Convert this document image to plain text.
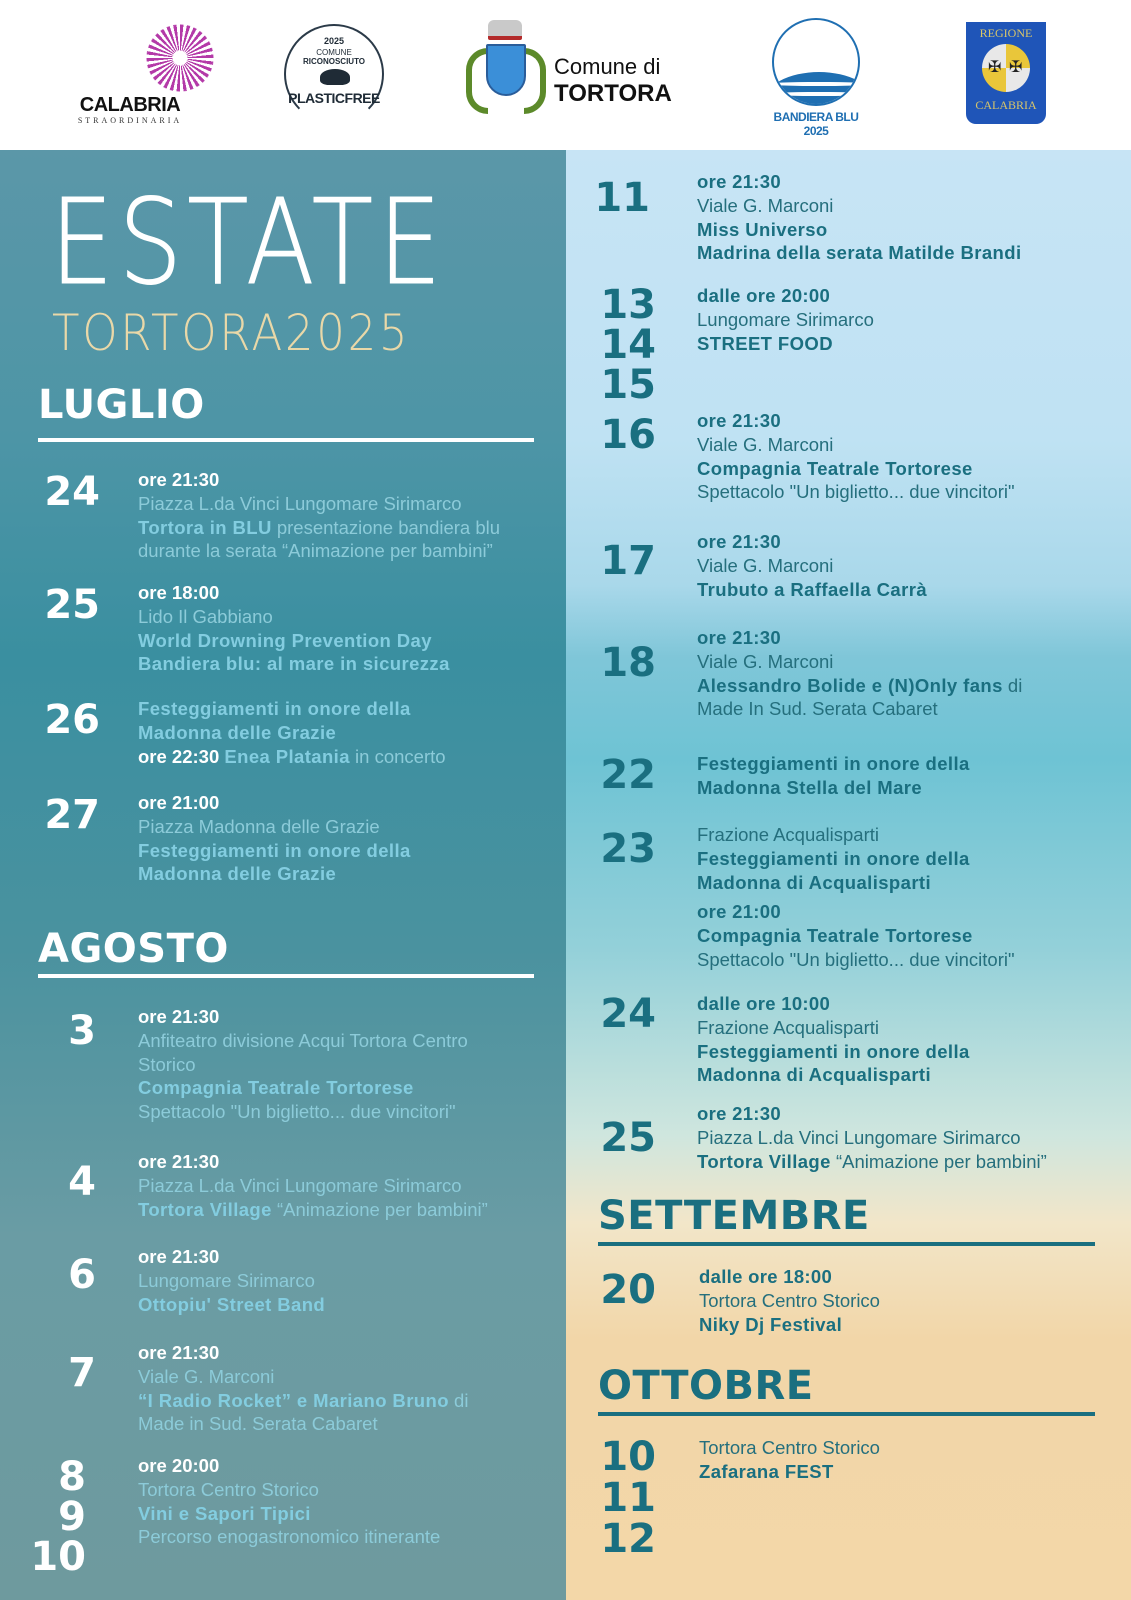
CALABRIA
STRAORDINARIA
2025
COMUNE
RICONOSCIUTO
PLASTICFREE
Comune di
TORTORA
BANDIERA BLU 2025
REGIONE
✠ ✠
CALABRIA
ESTATE
TORTORA2025
LUGLIO
24 ore 21:30
Piazza L.da Vinci Lungomare Sirimarco
Tortora in BLU presentazione bandiera blu
durante la serata “Animazione per bambini”
25 ore 18:00
Lido Il Gabbiano
World Drowning Prevention Day
Bandiera blu: al mare in sicurezza
26 Festeggiamenti in onore della
Madonna delle Grazie
ore 22:30 Enea Platania in concerto
27 ore 21:00
Piazza Madonna delle Grazie
Festeggiamenti in onore della
Madonna delle Grazie
AGOSTO
3 ore 21:30
Anfiteatro divisione Acqui Tortora Centro
Storico
Compagnia Teatrale Tortorese
Spettacolo "Un biglietto... due vincitori"
4 ore 21:30
Piazza L.da Vinci Lungomare Sirimarco
Tortora Village “Animazione per bambini”
6 ore 21:30
Lungomare Sirimarco
Ottopiu' Street Band
7 ore 21:30
Viale G. Marconi
“I Radio Rocket” e Mariano Bruno di
Made in Sud. Serata Cabaret
8
9
10
ore 20:00
Tortora Centro Storico
Vini e Sapori Tipici
Percorso enogastronomico itinerante
11	ore 21:30
Viale G. Marconi
Miss Universo
Madrina della serata Matilde Brandi
13
14
15
dalle ore 20:00
Lungomare Sirimarco
STREET FOOD
16 ore 21:30
Viale G. Marconi
Compagnia Teatrale Tortorese
Spettacolo "Un biglietto... due vincitori"
17 ore 21:30
Viale G. Marconi
Trubuto a Raffaella Carrà
18
ore 21:30
Viale G. Marconi
Alessandro Bolide e (N)Only fans di
Made In Sud. Serata Cabaret
22 Festeggiamenti in onore della
Madonna Stella del Mare
23 Frazione Acqualisparti
Festeggiamenti in onore della
Madonna di Acqualisparti
ore 21:00
Compagnia Teatrale Tortorese
Spettacolo "Un biglietto... due vincitori"
24 dalle ore 10:00
Frazione Acqualisparti
Festeggiamenti in onore della
Madonna di Acqualisparti
25
ore 21:30
Piazza L.da Vinci Lungomare Sirimarco
Tortora Village “Animazione per bambini”
SETTEMBRE
20 dalle ore 18:00
Tortora Centro Storico
Niky Dj Festival
OTTOBRE
10
11
12
Tortora Centro Storico
Zafarana FEST
